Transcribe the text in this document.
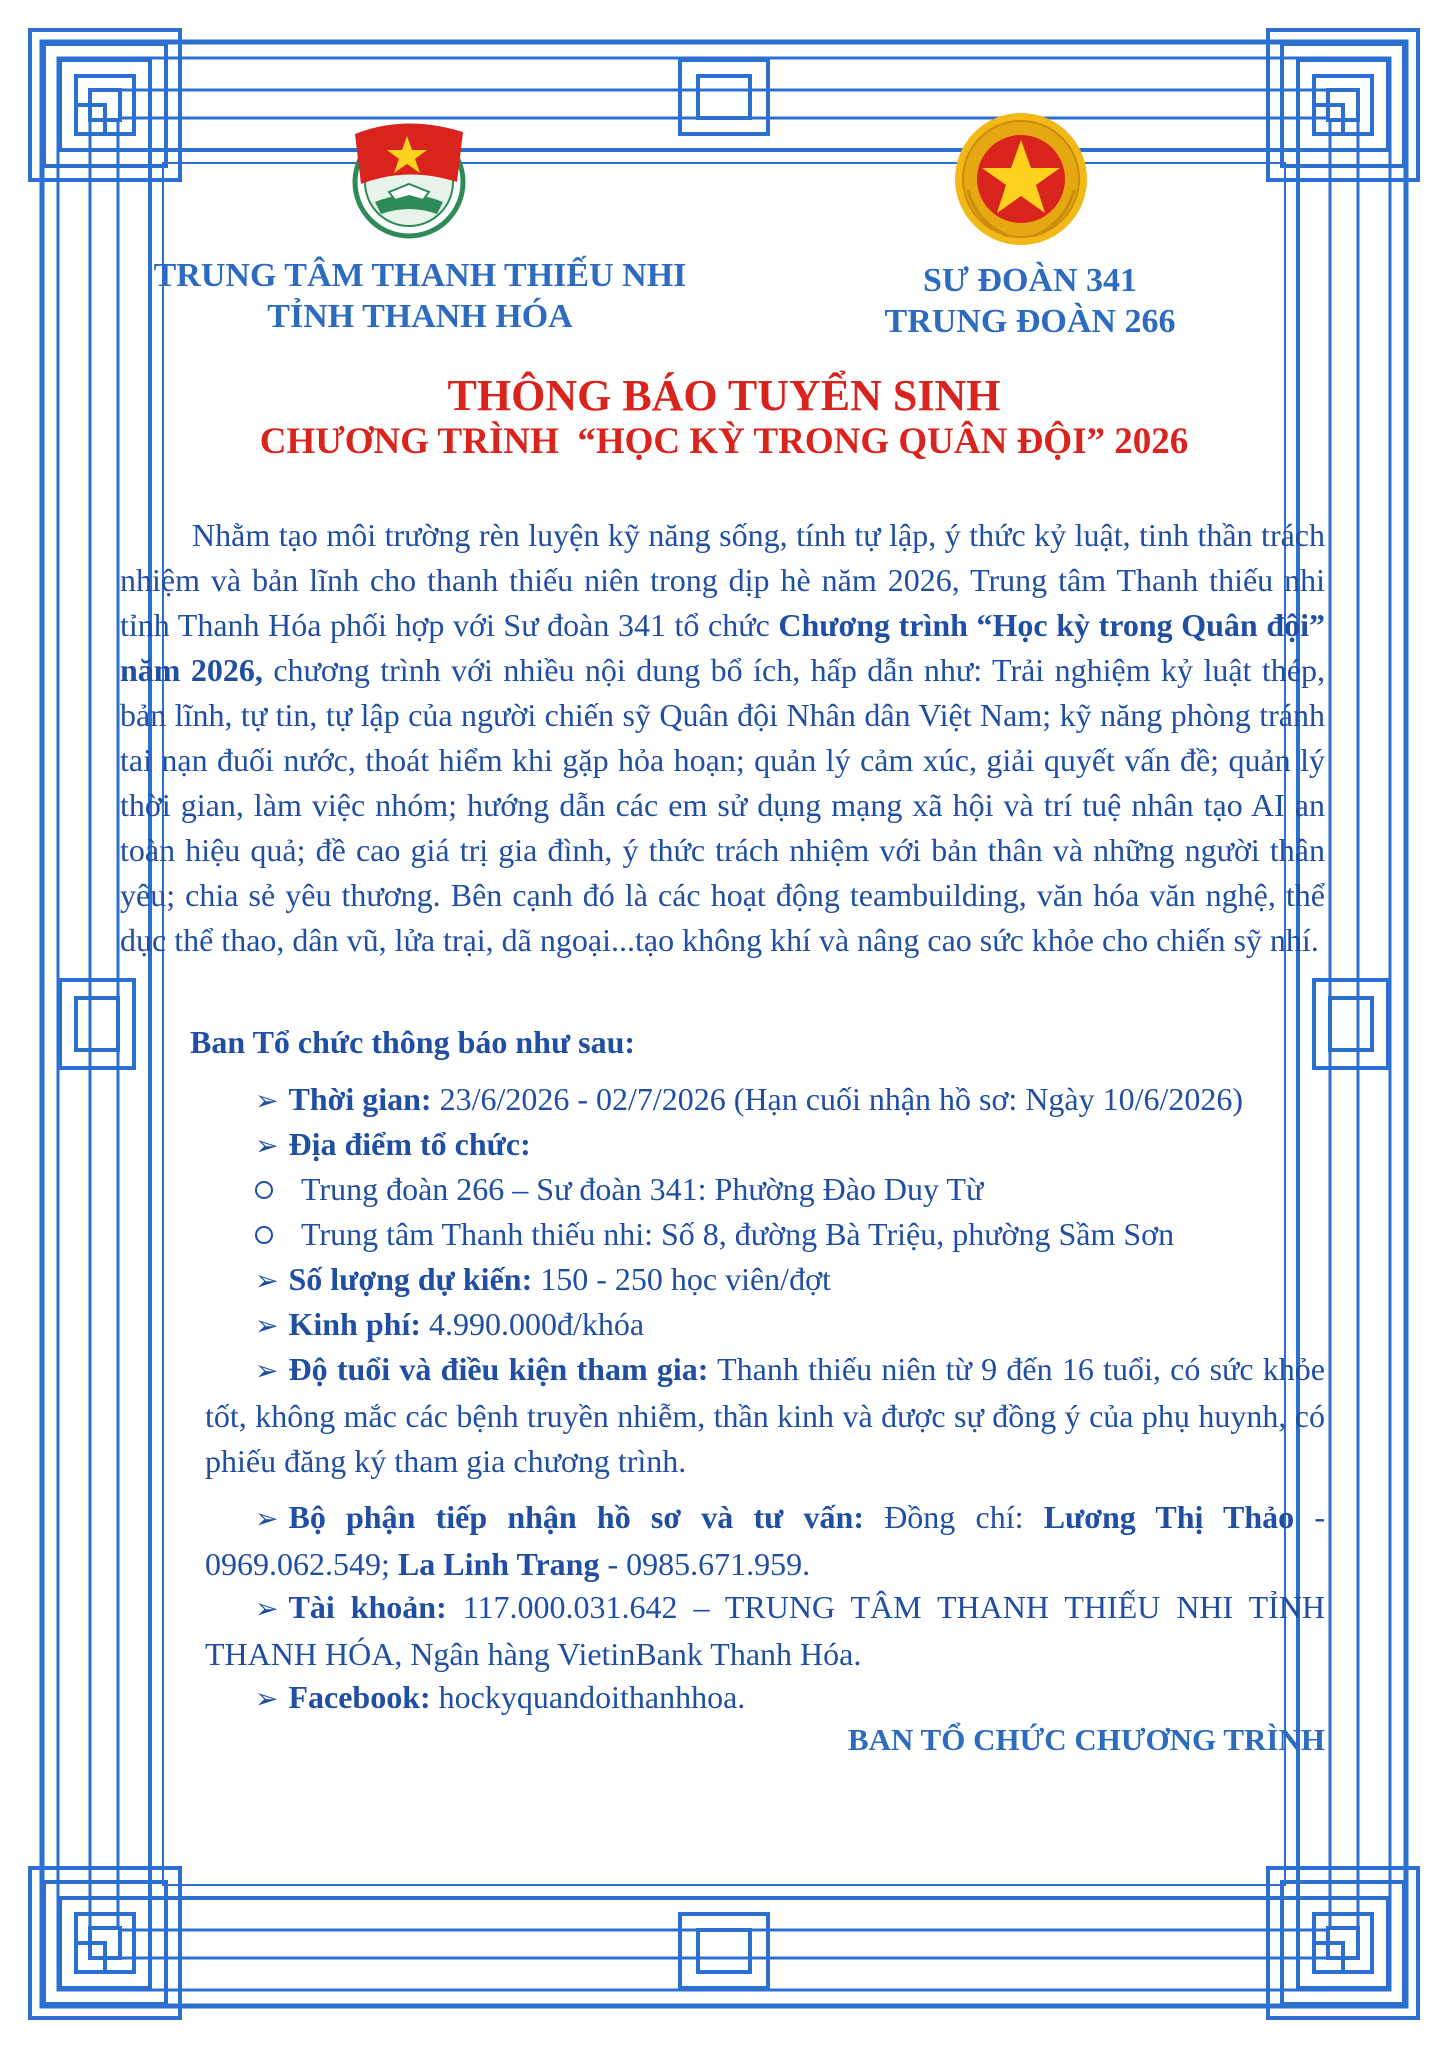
TRUNG TÂM THANH THIẾU NHI
TỈNH THANH HÓA
SƯ ĐOÀN 341
TRUNG ĐOÀN 266
THÔNG BÁO TUYỂN SINH
CHƯƠNG TRÌNH  “HỌC KỲ TRONG QUÂN ĐỘI” 2026
Nhằm tạo môi trường rèn luyện kỹ năng sống, tính tự lập, ý thức kỷ luật, tinh thần trách nhiệm và bản lĩnh cho thanh thiếu niên trong dịp hè năm 2026, Trung tâm Thanh thiếu nhi tỉnh Thanh Hóa phối hợp với Sư đoàn 341 tổ chức Chương trình “Học kỳ trong Quân đội” năm 2026, chương trình với nhiều nội dung bổ ích, hấp dẫn như: Trải nghiệm kỷ luật thép, bản lĩnh, tự tin, tự lập của người chiến sỹ Quân đội Nhân dân Việt Nam; kỹ năng phòng tránh tai nạn đuối nước, thoát hiểm khi gặp hỏa hoạn; quản lý cảm xúc, giải quyết vấn đề; quản lý thời gian, làm việc nhóm; hướng dẫn các em sử dụng mạng xã hội và trí tuệ nhân tạo AI an toàn hiệu quả; đề cao giá trị gia đình, ý thức trách nhiệm với bản thân và những người thân yêu; chia sẻ yêu thương. Bên cạnh đó là các hoạt động teambuilding, văn hóa văn nghệ, thể dục thể thao, dân vũ, lửa trại, dã ngoại...tạo không khí và nâng cao sức khỏe cho chiến sỹ nhí.
Ban Tổ chức thông báo như sau:
➢ Thời gian: 23/6/2026 - 02/7/2026 (Hạn cuối nhận hồ sơ: Ngày 10/6/2026)
➢ Địa điểm tổ chức:
Trung đoàn 266 – Sư đoàn 341: Phường Đào Duy Từ
Trung tâm Thanh thiếu nhi: Số 8, đường Bà Triệu, phường Sầm Sơn
➢ Số lượng dự kiến: 150 - 250 học viên/đợt
➢ Kinh phí: 4.990.000đ/khóa
➢ Độ tuổi và điều kiện tham gia: Thanh thiếu niên từ 9 đến 16 tuổi, có sức khỏe tốt, không mắc các bệnh truyền nhiễm, thần kinh và được sự đồng ý của phụ huynh, có phiếu đăng ký tham gia chương trình.
➢ Bộ phận tiếp nhận hồ sơ và tư vấn: Đồng chí: Lương Thị Thảo - 0969.062.549; La Linh Trang - 0985.671.959.
➢ Tài khoản: 117.000.031.642 – TRUNG TÂM THANH THIẾU NHI TỈNH THANH HÓA, Ngân hàng VietinBank Thanh Hóa.
➢ Facebook: hockyquandoithanhhoa.
BAN TỔ CHỨC CHƯƠNG TRÌNH
